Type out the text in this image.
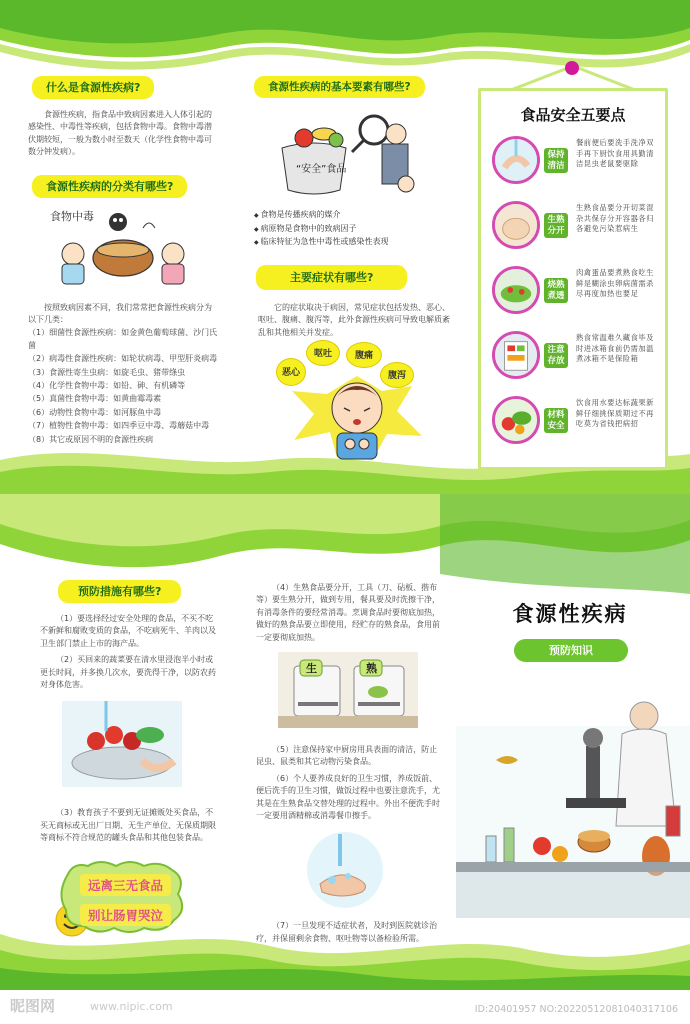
什么是食源性疾病?
食源性疾病，指食品中致病因素进入人体引起的感染性、中毒性等疾病，包括食物中毒。食物中毒潜伏期较短，一般为数小时至数天（化学性食物中毒可数分钟发病）。
食源性疾病的分类有哪些?
食物中毒
按照致病因素不同，我们常常把食源性疾病分为以下几类：
（1）细菌性食源性疾病：如金黄色葡萄球菌、沙门氏菌
（2）病毒性食源性疾病：如轮状病毒、甲型肝炎病毒
（3）食源性寄生虫病：如旋毛虫、猪带绦虫
（4）化学性食物中毒：如铅、砷、有机磷等
（5）真菌性食物中毒：如黄曲霉毒素
（6）动物性食物中毒：如河豚鱼中毒
（7）植物性食物中毒：如四季豆中毒、毒蘑菇中毒
（8）其它或原因不明的食源性疾病
食源性疾病的基本要素有哪些?
“安全”食品
◆ 食物是传播疾病的媒介
◆ 病原物是食物中的致病因子
◆ 临床特征为急性中毒性或感染性表现
主要症状有哪些?
它的症状取决于病因，常见症状包括发热、恶心、呕吐、腹痛、腹泻等，此外食源性疾病可导致电解质紊乱和其他相关并发症。
恶心
呕吐	腹痛
腹泻
食品安全五要点
保持清洁
餐前便后要洗手洗净双手再下厨饮食用具勤清洁昆虫老鼠要驱除
生熟分开
生熟食品要分开切菜混杂共保存分开容器各归各避免污染惹病生
烧熟煮透
肉禽蛋品要煮熟食吃生鲜是糊涂虫卵病菌需杀尽再度加热也要足
注意存放
熟食常温难久藏食毕及时进冰箱食前仍需加温煮冰箱不是保险箱
材料安全
饮食用水要达标蔬果新鲜仔细挑保质期过不再吃莫为省钱把病招
预防措施有哪些?
（1）要选择经过安全处理的食品，不买不吃不新鲜和腐败变质的食品，不吃病死牛、羊肉以及卫生部门禁止上市的海产品。
（2）买回来的蔬菜要在清水里浸泡半小时或更长时间，并多换几次水，要洗得干净，以防农药对身体危害。
（3）教育孩子不要到无证摊贩处买食品，不买无商标或无出厂日期、无生产单位、无保质期限等商标不符合规范的罐头食品和其他包装食品。
远离三无食品
别让肠胃哭泣
（4）生熟食品要分开，工具（刀、砧板、揩布等）要生熟分开，做到专用，餐具要及时洗擦干净，有消毒条件的要经常消毒。烹调食品时要彻底加热，做好的熟食品要立即使用，经贮存的熟食品，食用前一定要彻底加热。
生	熟
（5）注意保持家中厨房用具表面的清洁，防止昆虫、鼠类和其它动物污染食品。
（6）个人要养成良好的卫生习惯，养成饭前、便后洗手的卫生习惯，做饭过程中也要注意洗手，尤其是在生熟食品交替处理的过程中。外出不便洗手时一定要用酒精棉或消毒餐巾擦手。
（7）一旦发现不适症状者，及时到医院就诊治疗，并保留剩余食物、呕吐物等以备检验所需。
食源性疾病
预防知识
昵图网	www.nipic.com	ID:20401957 NO:20220512081040317106
